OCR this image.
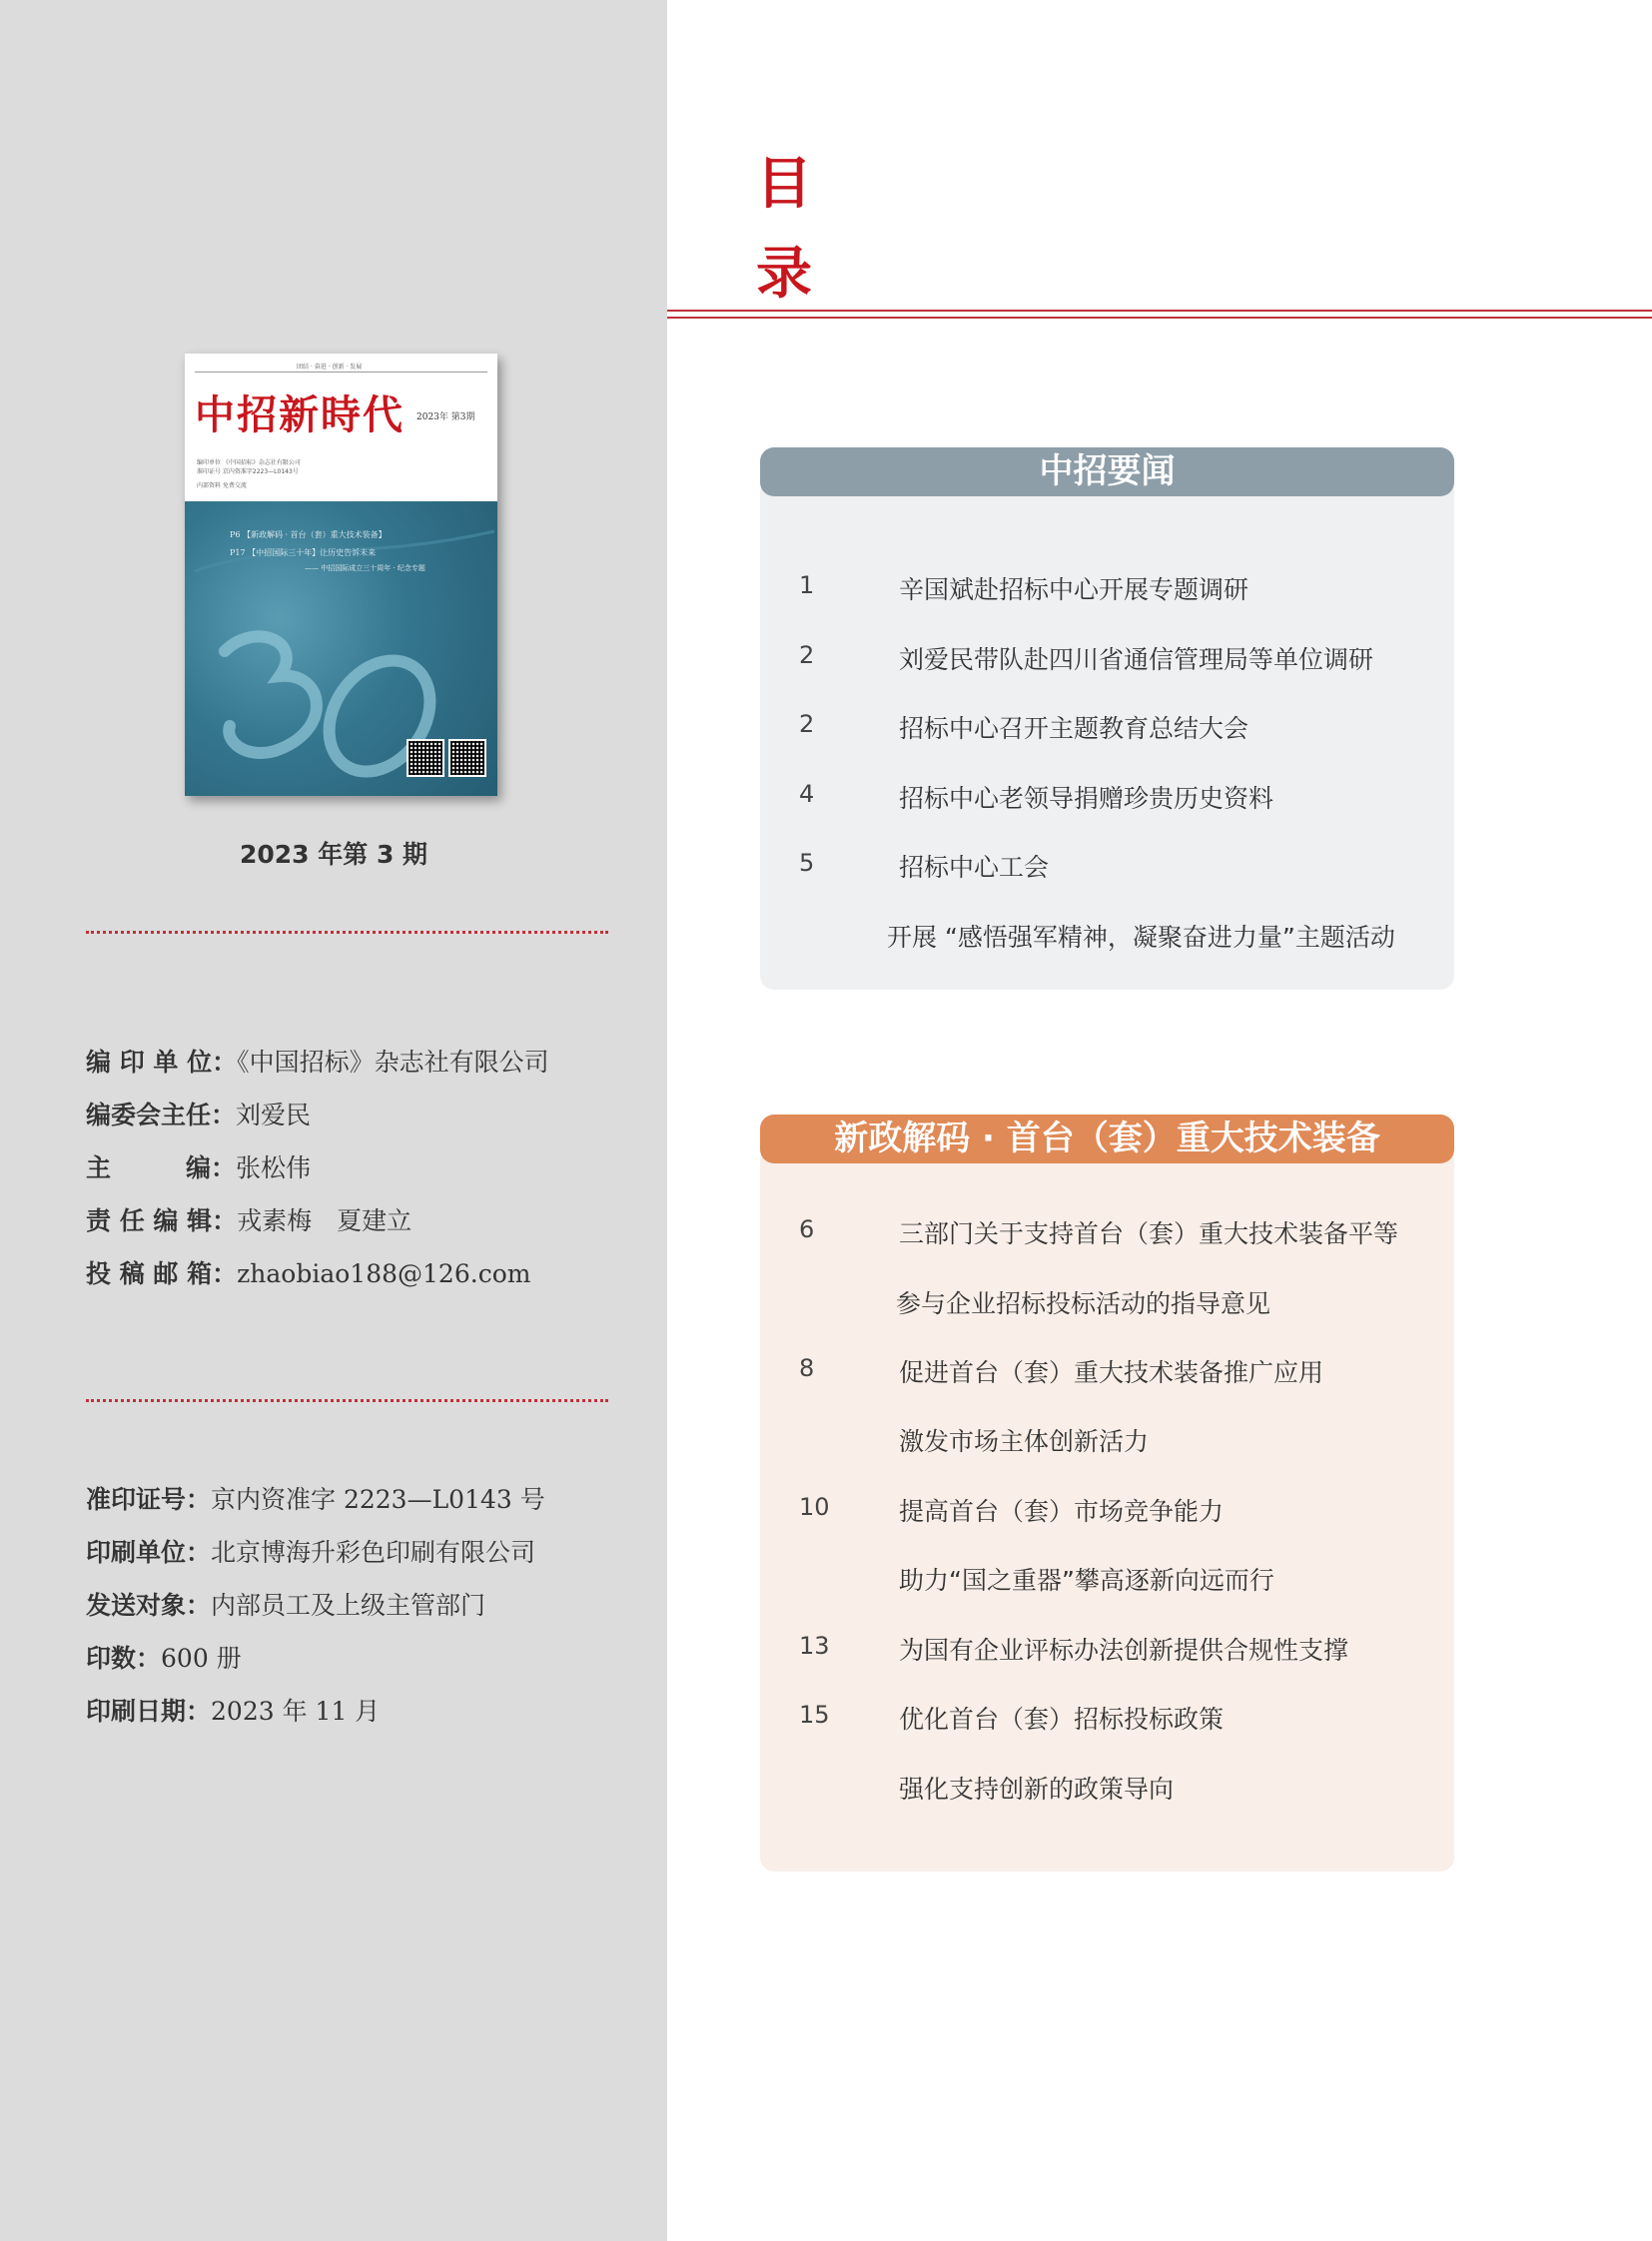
团结 · 奋进 · 创新 · 发展
中招新時代 2023年 第3期
编印单位 《中国招标》杂志社有限公司
准印证号 京内资准字2223—L0143号
内部资料 免费交流
P6 【新政解码 · 首台（套）重大技术装备】
P17 【中招国际三十年】让历史告诉未来
—— 中招国际成立三十周年 · 纪念专题
2023 年第 3 期
编 印 单 位：《中国招标》杂志社有限公司
编委会主任：刘爱民
主　　　编：张松伟
责 任 编 辑：戎素梅　夏建立
投 稿 邮 箱：zhaobiao188@126.com
准印证号：京内资准字 2223—L0143 号
印刷单位：北京博海升彩色印刷有限公司
发送对象：内部员工及上级主管部门
印数：600 册
印刷日期：2023 年 11 月
目
录
中招要闻
1	辛国斌赴招标中心开展专题调研
2	刘爱民带队赴四川省通信管理局等单位调研
2	招标中心召开主题教育总结大会
4	招标中心老领导捐赠珍贵历史资料
5	招标中心工会
开展 “感悟强军精神，凝聚奋进力量”主题活动
新政解码 · 首台（套）重大技术装备
6	三部门关于支持首台（套）重大技术装备平等
参与企业招标投标活动的指导意见
8	促进首台（套）重大技术装备推广应用
激发市场主体创新活力
10	提高首台（套）市场竞争能力
助力“国之重器”攀高逐新向远而行
13	为国有企业评标办法创新提供合规性支撑
15	优化首台（套）招标投标政策
强化支持创新的政策导向
